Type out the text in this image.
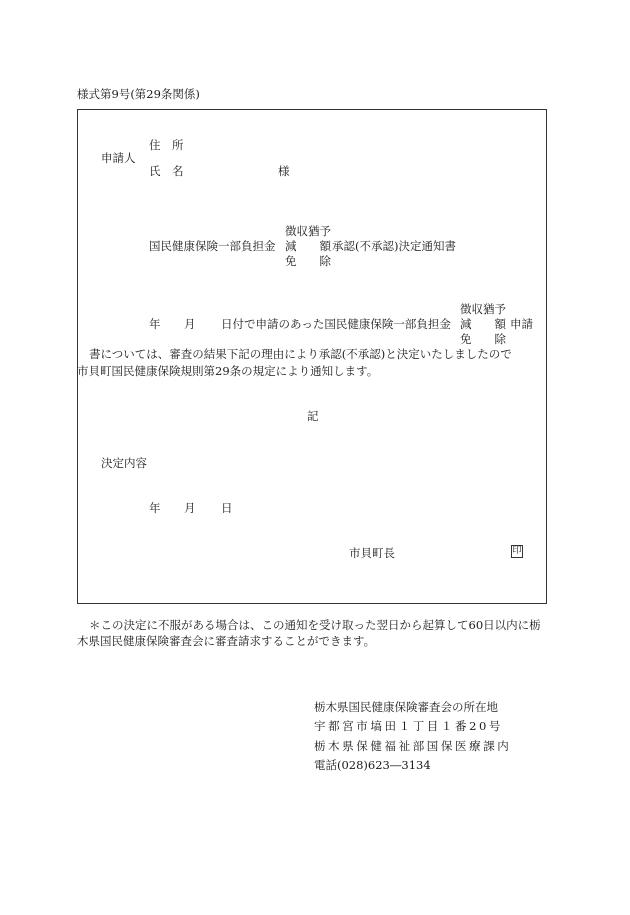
様式第9号(第29条関係)
住　所
申請人
氏　名	様
徴収猶予
国民健康保険一部負担金 減　　額 承認(不承認)決定通知書
免　　除
徴収猶予
年 月 日付で申請のあった国民健康保険一部負担金 減　　額 申請
免　　除
書については、審査の結果下記の理由により承認(不承認)と決定いたしましたので
市貝町国民健康保険規則第29条の規定により通知します。
記
決定内容
年 月 日
市貝町長	印
＊この決定に不服がある場合は、この通知を受け取った翌日から起算して60日以内に栃
木県国民健康保険審査会に審査請求することができます。
栃木県国民健康保険審査会の所在地
宇都宮市塙田１丁目１番20号
栃木県保健福祉部国保医療課内
電話(028)623―3134
